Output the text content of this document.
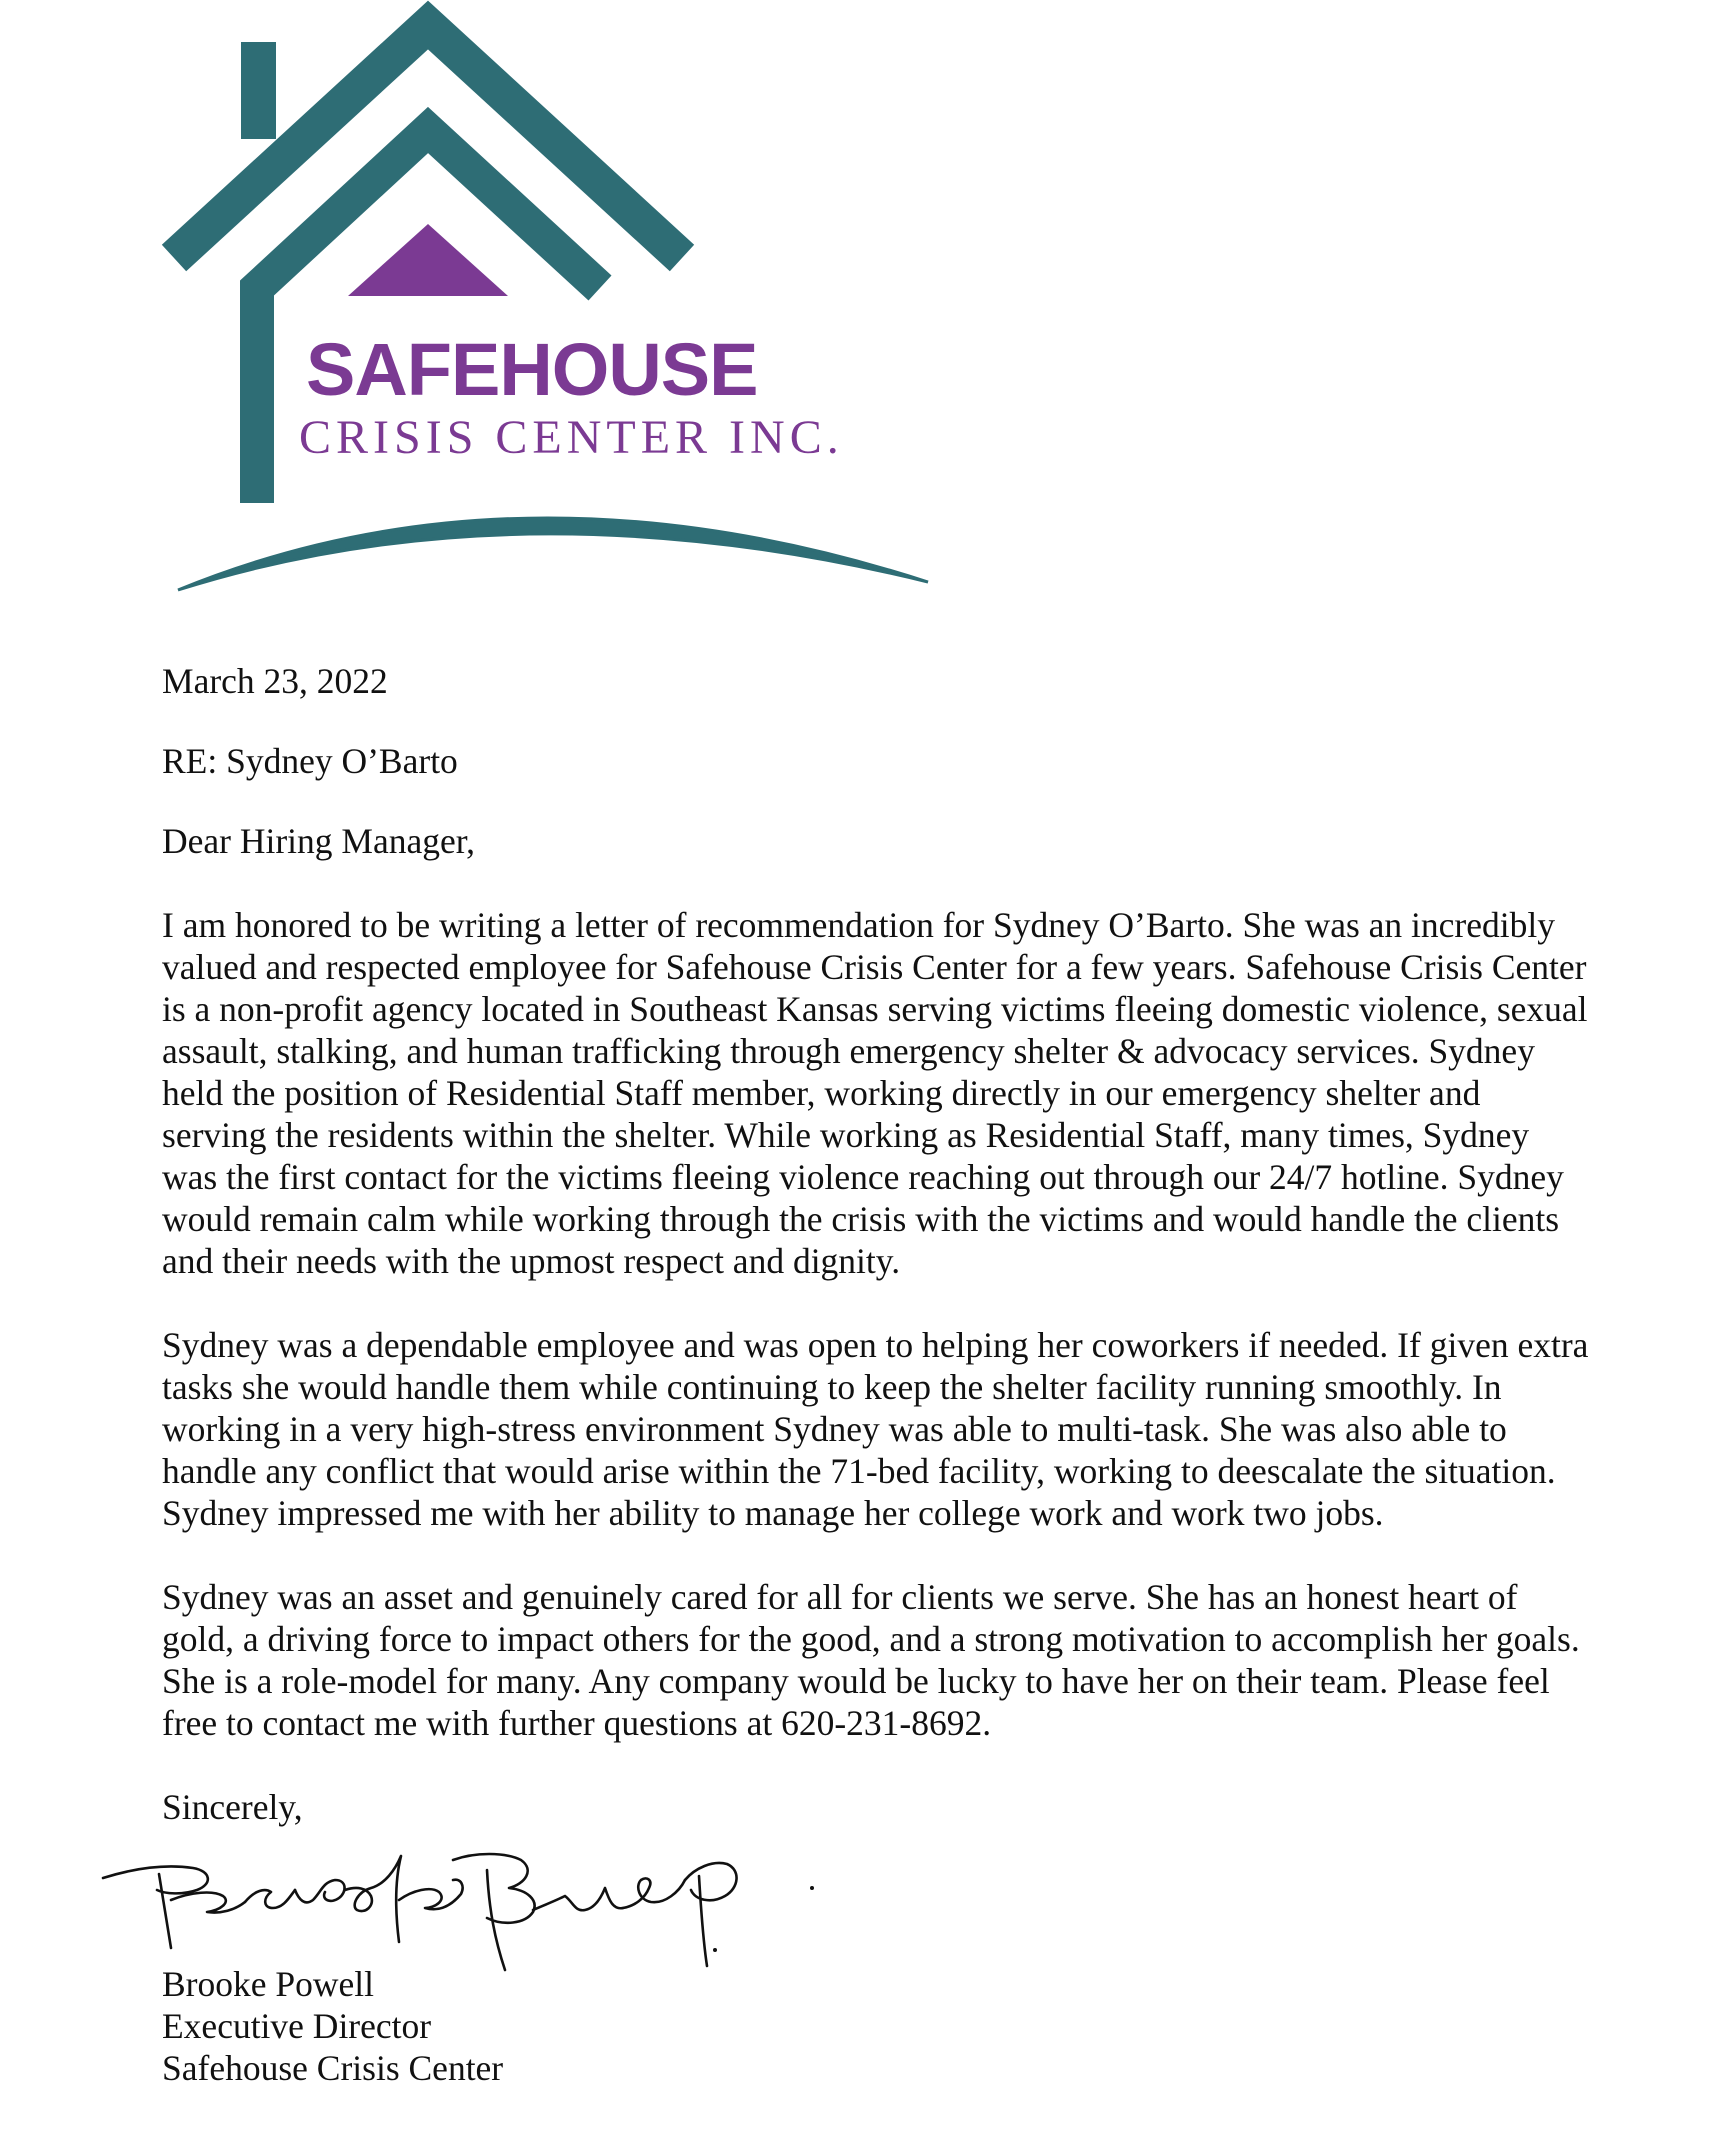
SAFEHOUSE
CRISIS CENTER INC.

March 23, 2022

RE: Sydney O’Barto

Dear Hiring Manager,

I am honored to be writing a letter of recommendation for Sydney O’Barto. She was an incredibly valued and respected employee for Safehouse Crisis Center for a few years. Safehouse Crisis Center is a non-profit agency located in Southeast Kansas serving victims fleeing domestic violence, sexual assault, stalking, and human trafficking through emergency shelter & advocacy services. Sydney held the position of Residential Staff member, working directly in our emergency shelter and serving the residents within the shelter. While working as Residential Staff, many times, Sydney was the first contact for the victims fleeing violence reaching out through our 24/7 hotline. Sydney would remain calm while working through the crisis with the victims and would handle the clients and their needs with the upmost respect and dignity.

Sydney was a dependable employee and was open to helping her coworkers if needed. If given extra tasks she would handle them while continuing to keep the shelter facility running smoothly. In working in a very high-stress environment Sydney was able to multi-task. She was also able to handle any conflict that would arise within the 71-bed facility, working to deescalate the situation. Sydney impressed me with her ability to manage her college work and work two jobs.

Sydney was an asset and genuinely cared for all for clients we serve. She has an honest heart of gold, a driving force to impact others for the good, and a strong motivation to accomplish her goals. She is a role-model for many. Any company would be lucky to have her on their team. Please feel free to contact me with further questions at 620-231-8692.

Sincerely,

Brooke Powell
Executive Director
Safehouse Crisis Center
